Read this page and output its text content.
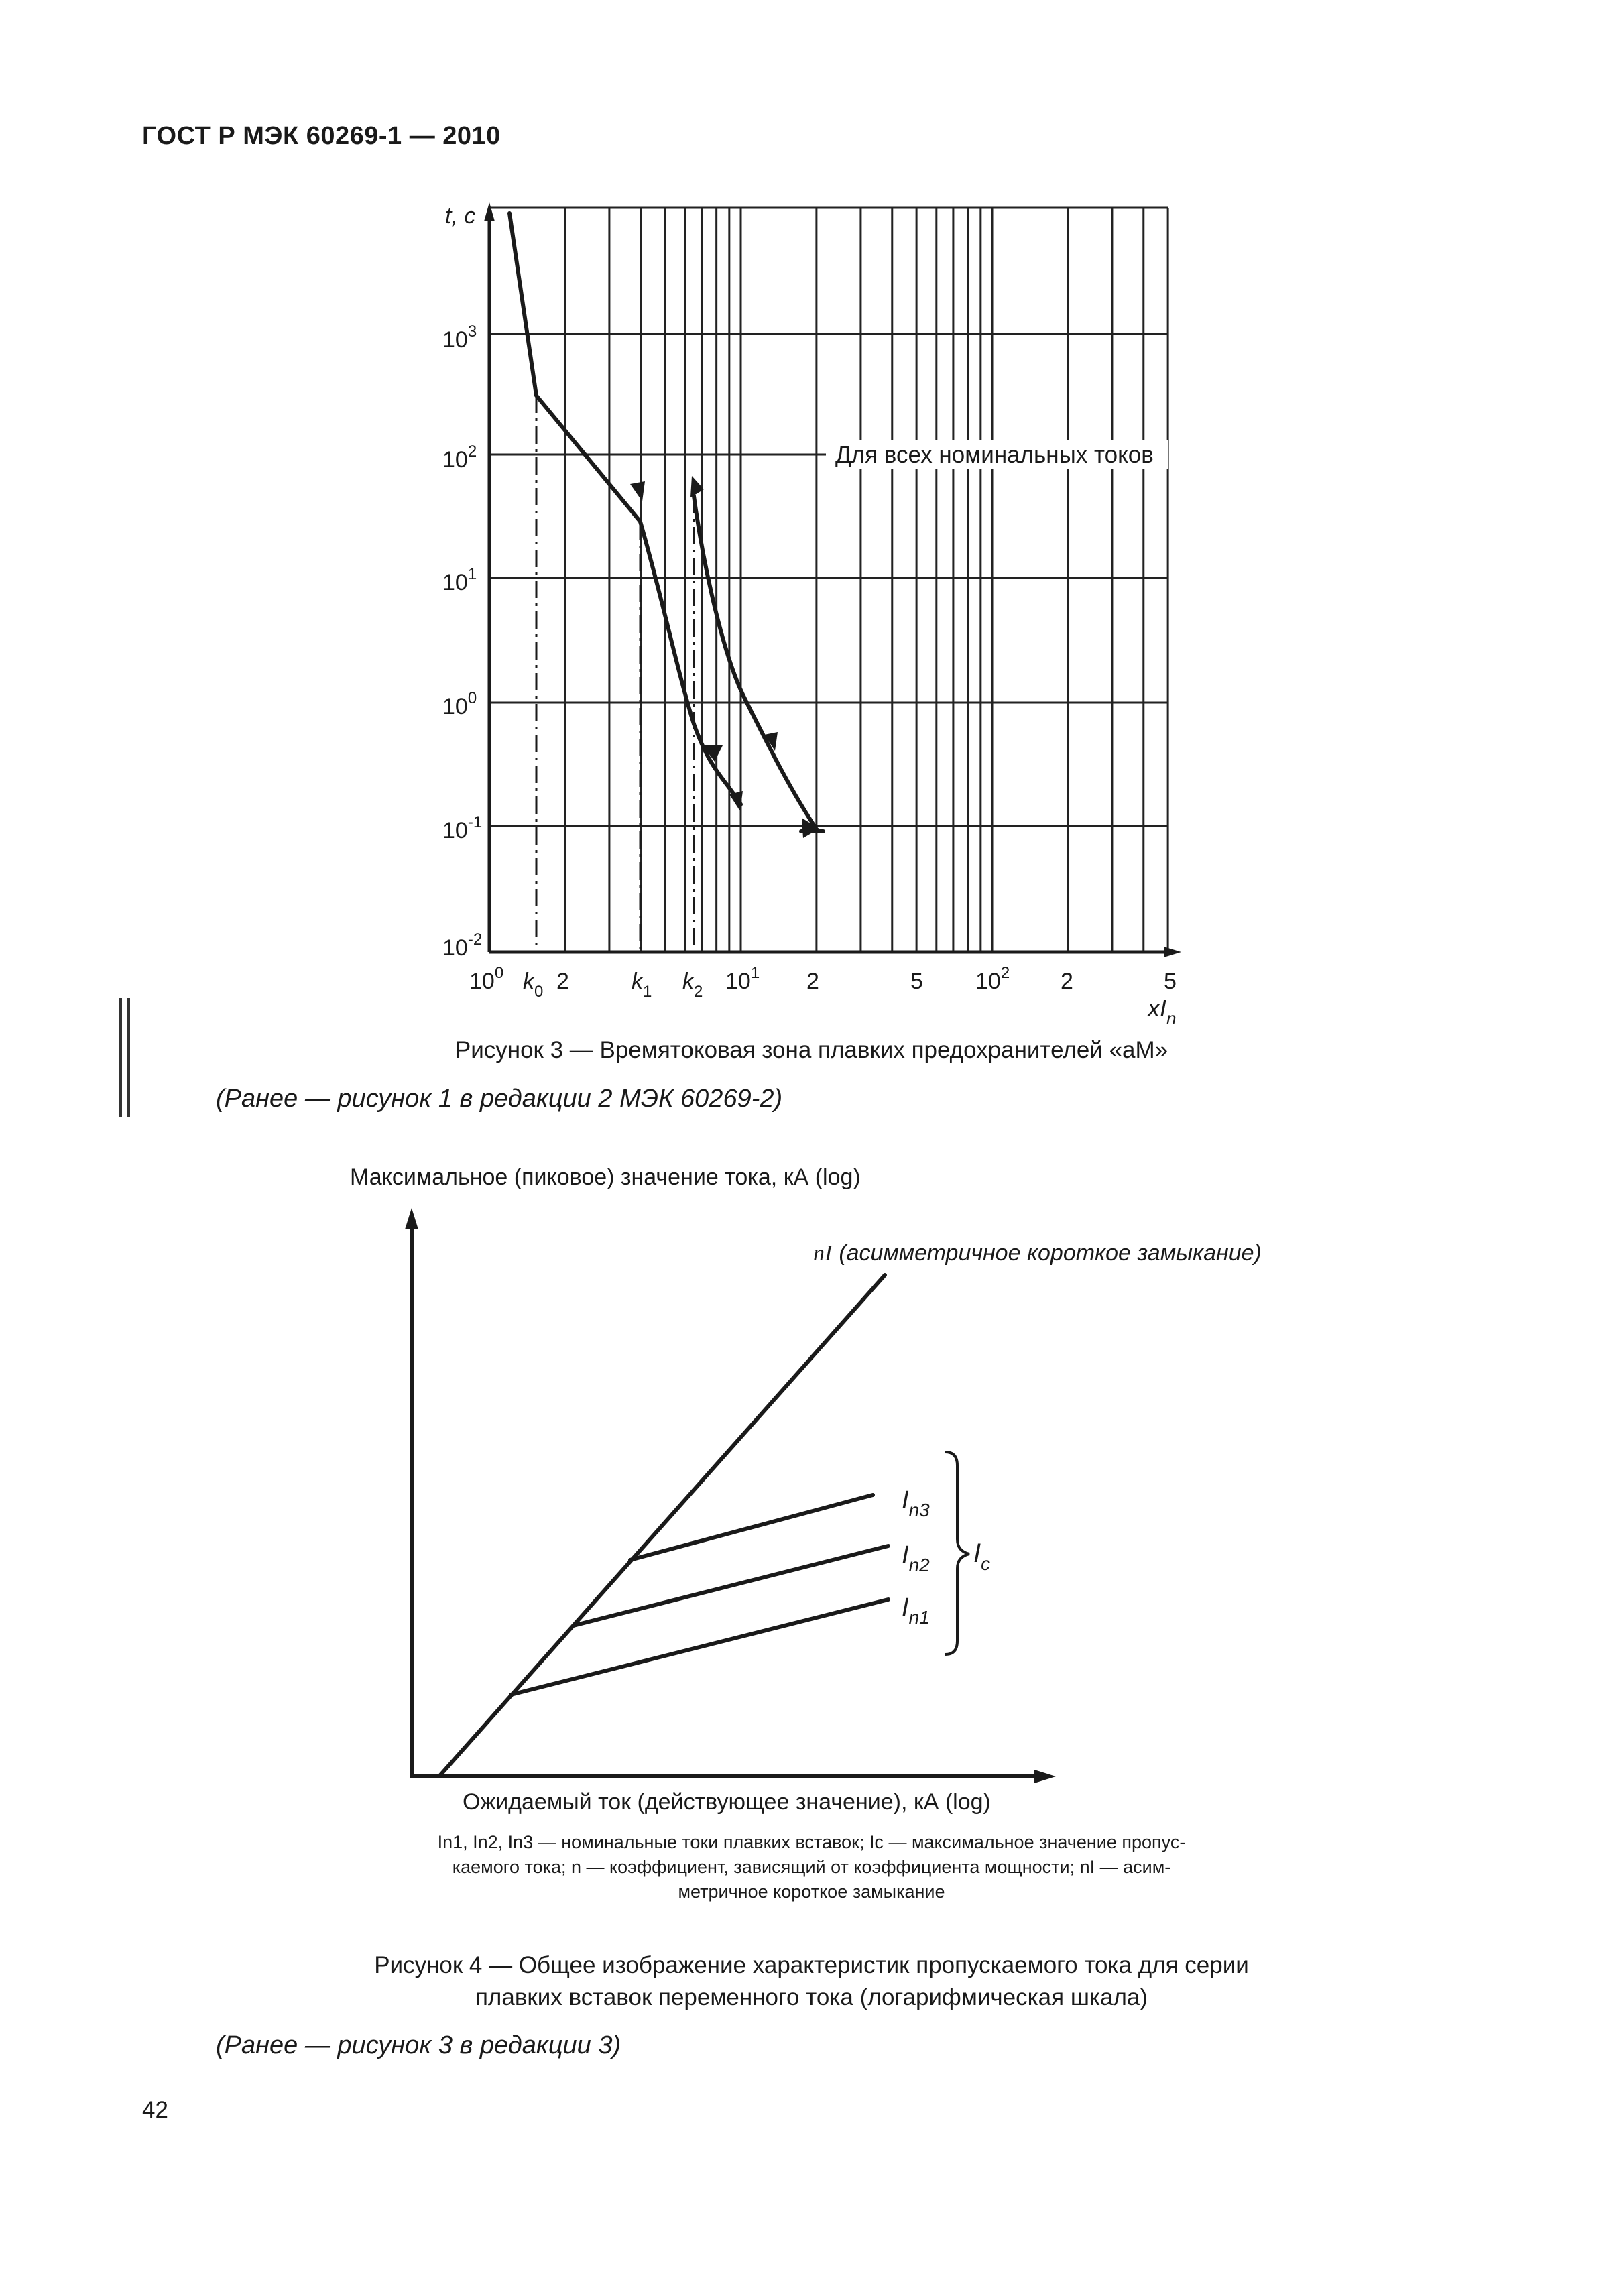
ГОСТ Р МЭК 60269-1 — 2010
Для всех номинальных токов
t, с
$10^3$
$10^2$
$10^1$
$10^0$
$10^{-1}$
$10^{-2}$
$10^0$ $k_0$ 2	$k_1$ $k_2$ $10^1$ 2	5 $10^2$ 2	5
$xI_n$
Рисунок 3 — Времятоковая зона плавких предохранителей «aM»
(Ранее — рисунок 1 в редакции 2 МЭК 60269-2)
Максимальное (пиковое) значение тока, кА (log)
$I_{n3}$
$I_{n2}$
$I_{n1}$
$I_c$
nI (асимметричное короткое замыкание)
Ожидаемый ток (действующее значение), кА (log)
In1, In2, In3 — номинальные токи плавких вставок; Ic — максимальное значение пропус-
каемого тока; n — коэффициент, зависящий от коэффициента мощности; nI — асим-
метричное короткое замыкание
Рисунок 4 — Общее изображение характеристик пропускаемого тока для серии
плавких вставок переменного тока (логарифмическая шкала)
(Ранее — рисунок 3 в редакции 3)
42
